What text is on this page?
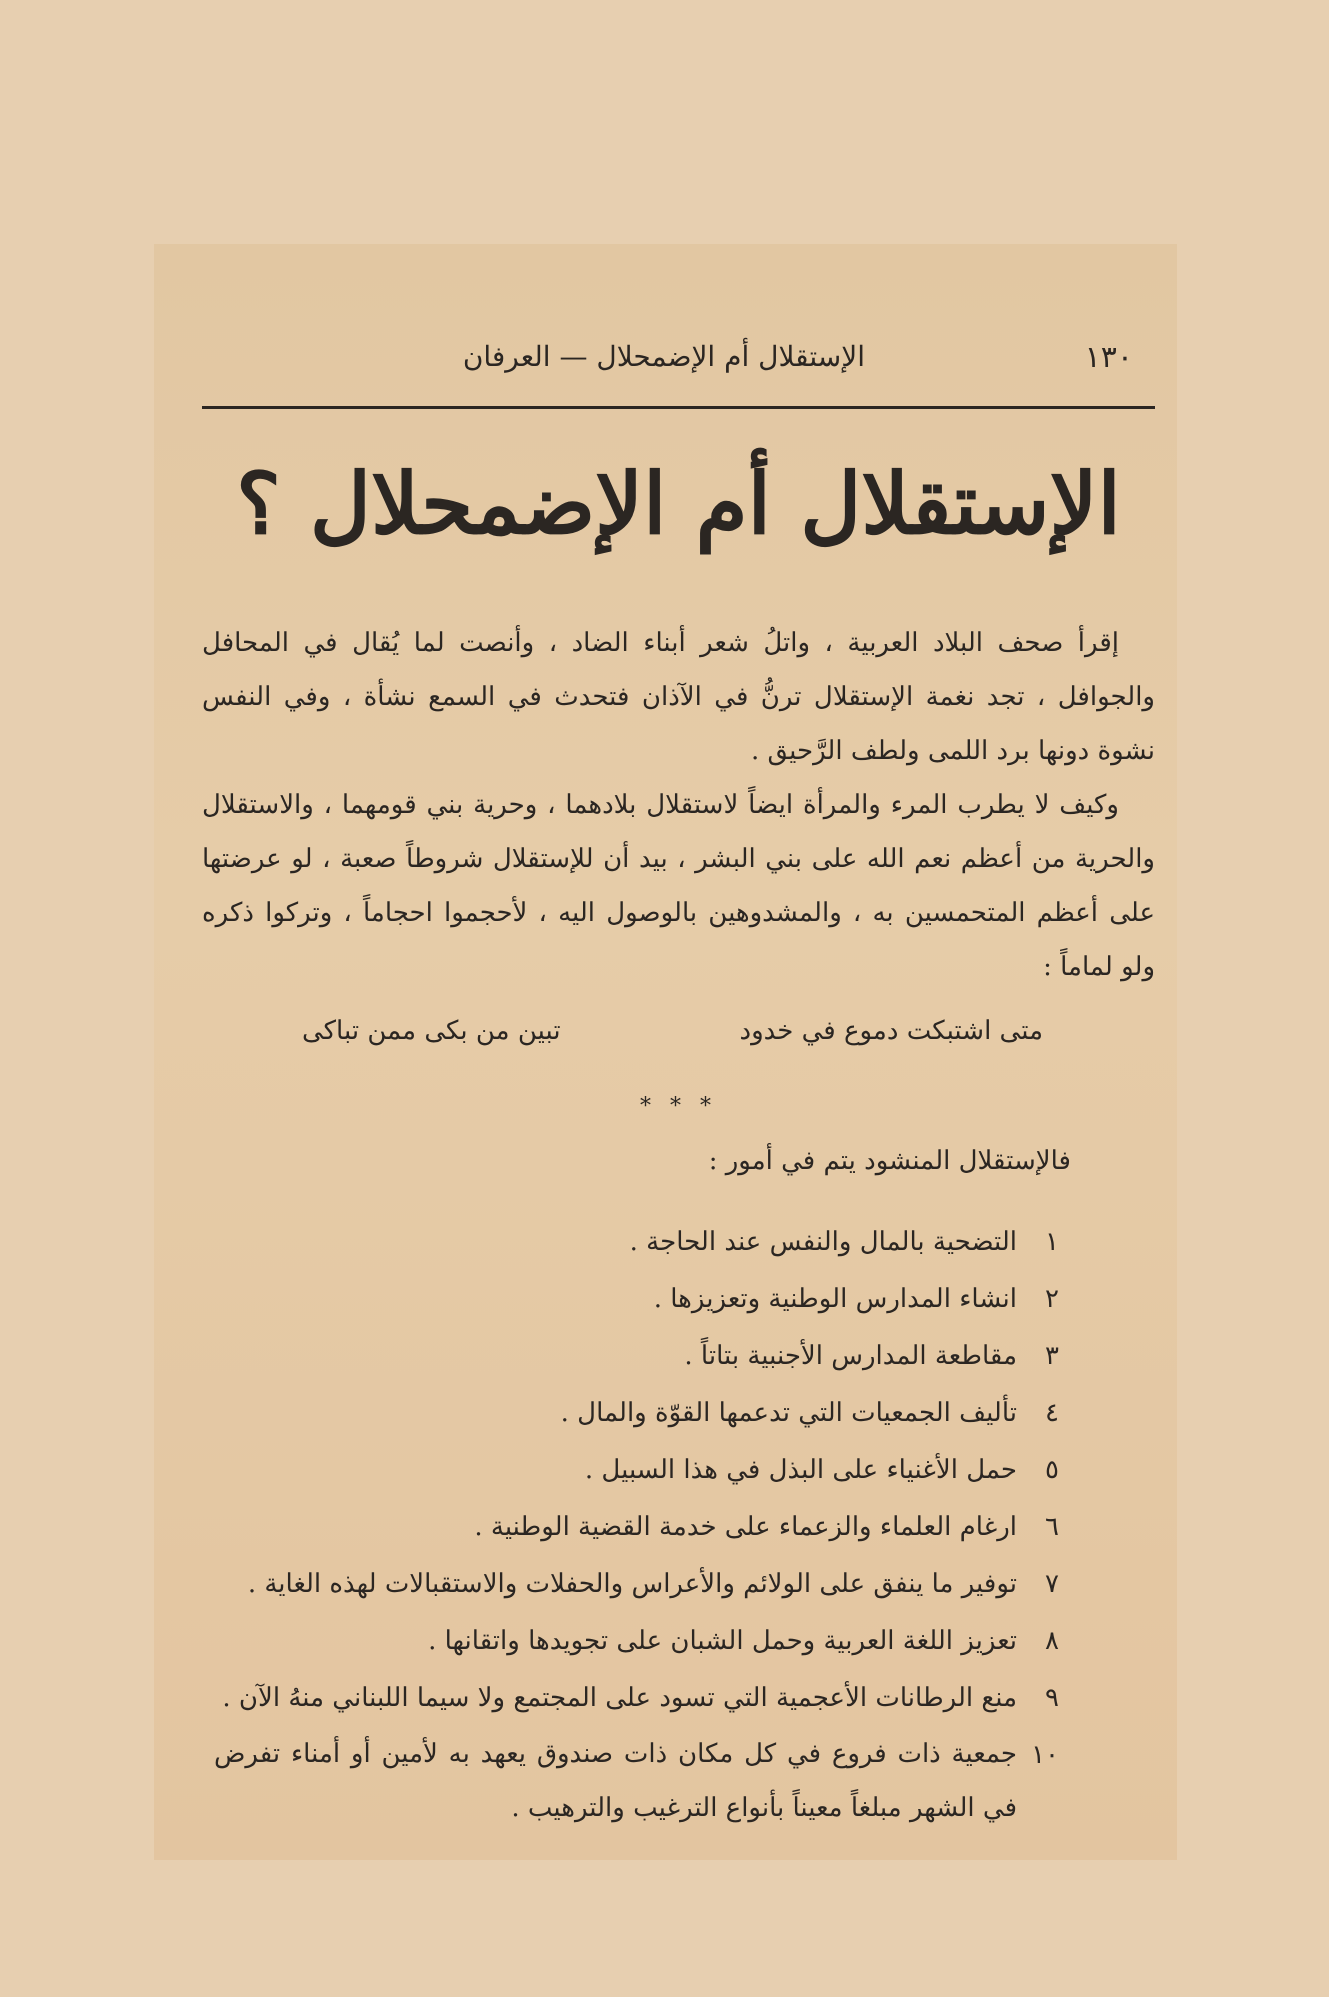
١٣٠
الإستقلال أم الإضمحلال — العرفان
الإستقلال أم الإضمحلال ؟

إقرأ صحف البلاد العربية ، واتلُ شعر أبناء الضاد ، وأنصت لما يُقال في المحافل والجوافل ، تجد نغمة الإستقلال ترنُّ في الآذان فتحدث في السمع نشأة ، وفي النفس نشوة دونها برد اللمى ولطف الرَّحيق .

وكيف لا يطرب المرء والمرأة ايضاً لاستقلال بلادهما ، وحرية بني قومهما ، والاستقلال والحرية من أعظم نعم الله على بني البشر ، بيد أن للإستقلال شروطاً صعبة ، لو عرضتها على أعظم المتحمسين به ، والمشدوهين بالوصول اليه ، لأحجموا احجاماً ، وتركوا ذكره ولو لماماً :

متى اشتبكت دموع في خدود
تبين من بكى ممن تباكى
* * *
فالإستقلال المنشود يتم في أمور :
١
التضحية بالمال والنفس عند الحاجة .
٢
انشاء المدارس الوطنية وتعزيزها .
٣
مقاطعة المدارس الأجنبية بتاتاً .
٤
تأليف الجمعيات التي تدعمها القوّة والمال .
٥
حمل الأغنياء على البذل في هذا السبيل .
٦
ارغام العلماء والزعماء على خدمة القضية الوطنية .
٧
توفير ما ينفق على الولائم والأعراس والحفلات والاستقبالات لهذه الغاية .
٨
تعزيز اللغة العربية وحمل الشبان على تجويدها واتقانها .
٩
منع الرطانات الأعجمية التي تسود على المجتمع ولا سيما اللبناني منهُ الآن .
١٠
جمعية ذات فروع في كل مكان ذات صندوق يعهد به لأمين أو أمناء تفرض في الشهر مبلغاً معيناً بأنواع الترغيب والترهيب .
